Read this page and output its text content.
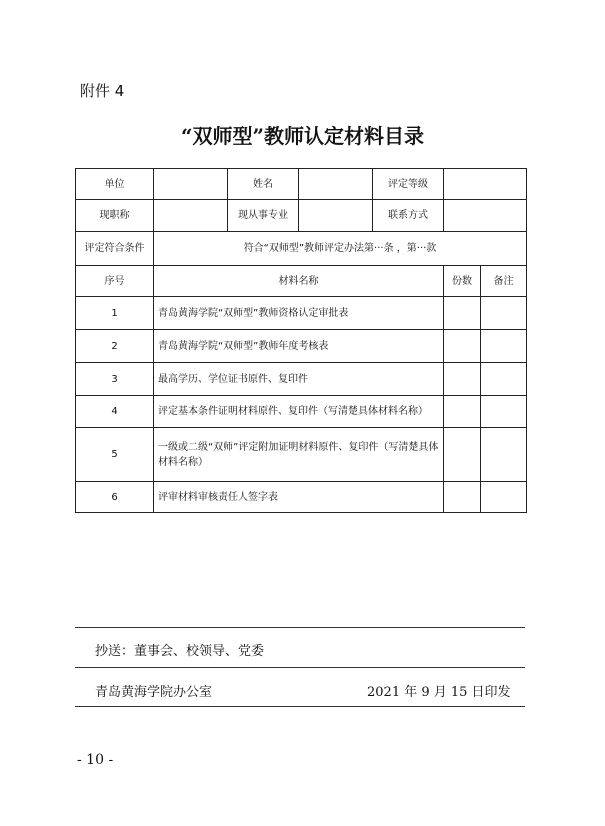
附件 4
“双师型”教师认定材料目录
单位		姓名		评定等级		
现职称		现从事专业		联系方式		
评定符合条件	符合“双师型”教师评定办法第···条 ，第···款					
序号	材料名称				份数	备注
1	青岛黄海学院“双师型”教师资格认定审批表					
2	青岛黄海学院“双师型”教师年度考核表					
3	最高学历、学位证书原件、复印件					
4	评定基本条件证明材料原件、复印件（写清楚具体材料名称）					
5	一级或二级“双师”评定附加证明材料原件、复印件（写清楚具体材料名称）					
6	评审材料审核责任人签字表					
抄送：董事会、校领导、党委
青岛黄海学院办公室	2021 年 9 月 15 日印发
- 10 -
